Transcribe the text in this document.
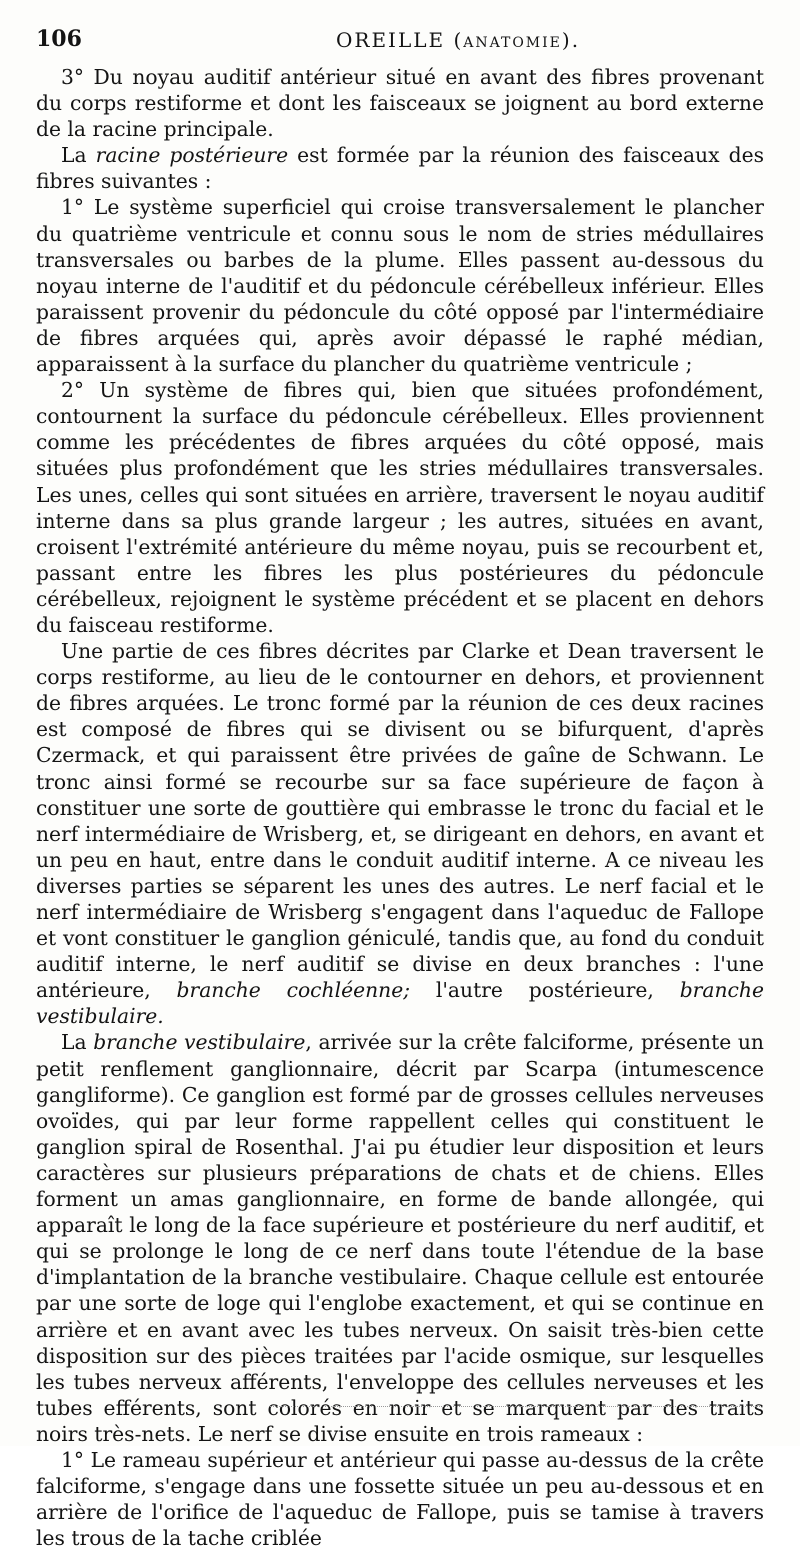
106	OREILLE (ANATOMIE).

3° Du noyau auditif antérieur situé en avant des fibres provenant du corps restiforme et dont les faisceaux se joignent au bord externe de la racine principale.

La racine postérieure est formée par la réunion des faisceaux des fibres suivantes :

1° Le système superficiel qui croise transversalement le plancher du quatrième ventricule et connu sous le nom de stries médullaires transversales ou barbes de la plume. Elles passent au-dessous du noyau interne de l'auditif et du pédoncule cérébelleux inférieur. Elles paraissent provenir du pédoncule du côté opposé par l'intermédiaire de fibres arquées qui, après avoir dépassé le raphé médian, apparaissent à la surface du plancher du quatrième ventricule ;

2° Un système de fibres qui, bien que situées profondément, contournent la surface du pédoncule cérébelleux. Elles proviennent comme les précédentes de fibres arquées du côté opposé, mais situées plus profondément que les stries médullaires transversales. Les unes, celles qui sont situées en arrière, traversent le noyau auditif interne dans sa plus grande largeur ; les autres, situées en avant, croisent l'extrémité antérieure du même noyau, puis se recourbent et, passant entre les fibres les plus postérieures du pédoncule cérébelleux, rejoignent le système précédent et se placent en dehors du faisceau restiforme.

Une partie de ces fibres décrites par Clarke et Dean traversent le corps restiforme, au lieu de le contourner en dehors, et proviennent de fibres arquées. Le tronc formé par la réunion de ces deux racines est composé de fibres qui se divisent ou se bifurquent, d'après Czermack, et qui paraissent être privées de gaîne de Schwann. Le tronc ainsi formé se recourbe sur sa face supérieure de façon à constituer une sorte de gouttière qui embrasse le tronc du facial et le nerf intermédiaire de Wrisberg, et, se dirigeant en dehors, en avant et un peu en haut, entre dans le conduit auditif interne. A ce niveau les diverses parties se séparent les unes des autres. Le nerf facial et le nerf intermédiaire de Wrisberg s'engagent dans l'aqueduc de Fallope et vont constituer le ganglion géniculé, tandis que, au fond du conduit auditif interne, le nerf auditif se divise en deux branches : l'une antérieure, branche cochléenne; l'autre postérieure, branche vestibulaire.

La branche vestibulaire, arrivée sur la crête falciforme, présente un petit renflement ganglionnaire, décrit par Scarpa (intumescence gangliforme). Ce ganglion est formé par de grosses cellules nerveuses ovoïdes, qui par leur forme rappellent celles qui constituent le ganglion spiral de Rosenthal. J'ai pu étudier leur disposition et leurs caractères sur plusieurs préparations de chats et de chiens. Elles forment un amas ganglionnaire, en forme de bande allongée, qui apparaît le long de la face supérieure et postérieure du nerf auditif, et qui se prolonge le long de ce nerf dans toute l'étendue de la base d'implantation de la branche vestibulaire. Chaque cellule est entourée par une sorte de loge qui l'englobe exactement, et qui se continue en arrière et en avant avec les tubes nerveux. On saisit très-bien cette disposition sur des pièces traitées par l'acide osmique, sur lesquelles les tubes nerveux afférents, l'enveloppe des cellules nerveuses et les tubes efférents, sont colorés en noir et se marquent par des traits noirs très-nets. Le nerf se divise ensuite en trois rameaux :

1° Le rameau supérieur et antérieur qui passe au-dessus de la crête falciforme, s'engage dans une fossette située un peu au-dessous et en arrière de l'orifice de l'aqueduc de Fallope, puis se tamise à travers les trous de la tache criblée
